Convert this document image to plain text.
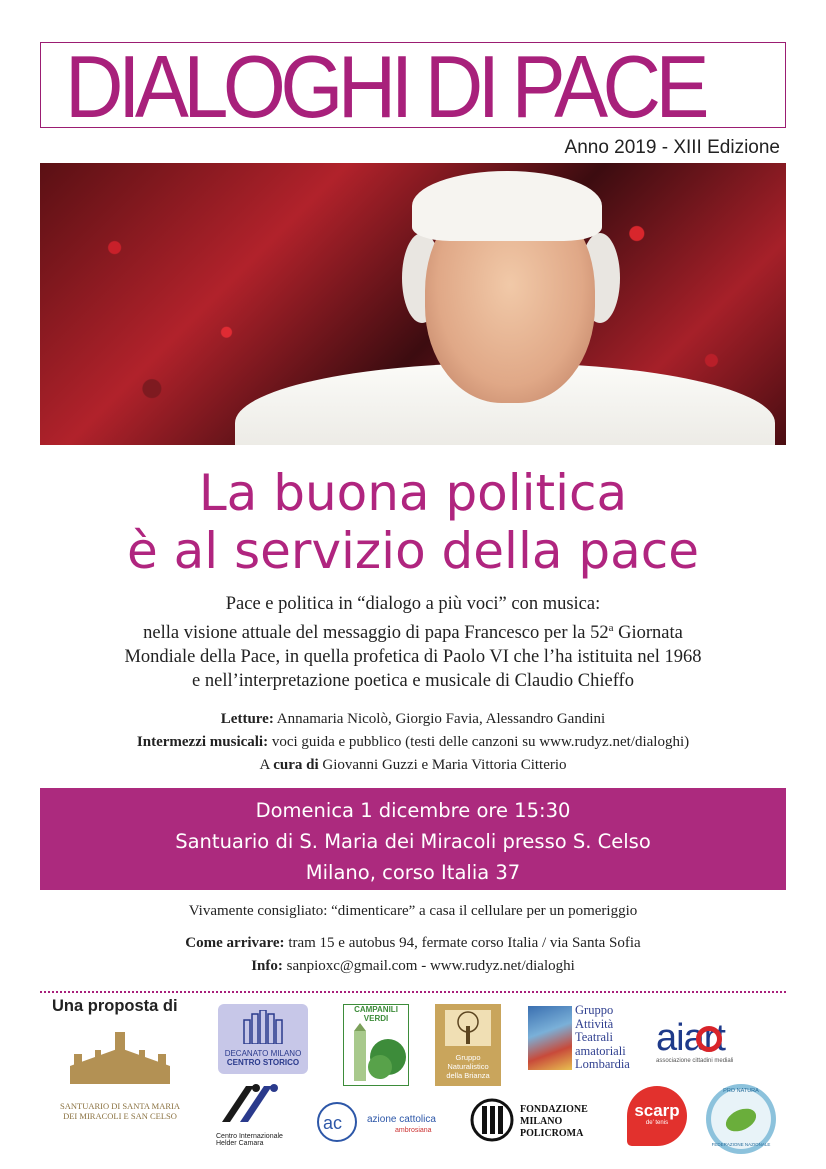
DIALOGHI DI PACE
Anno 2019 - XIII Edizione
La buona politica
è al servizio della pace
Pace e politica in “dialogo a più voci” con musica:
nella visione attuale del messaggio di papa Francesco per la 52$^a$ Giornata
Mondiale della Pace, in quella profetica di Paolo VI che l’ha istituita nel 1968
e nell’interpretazione poetica e musicale di Claudio Chieffo
Letture: Annamaria Nicolò, Giorgio Favia, Alessandro Gandini
Intermezzi musicali: voci guida e pubblico (testi delle canzoni su www.rudyz.net/dialoghi)
A cura di Giovanni Guzzi e Maria Vittoria Citterio
Domenica 1 dicembre ore 15:30
Santuario di S. Maria dei Miracoli presso S. Celso
Milano, corso Italia 37
Vivamente consigliato: “dimenticare” a casa il cellulare per un pomeriggio
Come arrivare: tram 15 e autobus 94, fermate corso Italia / via Santa Sofia
Info: sanpioxc@gmail.com - www.rudyz.net/dialoghi
Una proposta di
SANTUARIO DI SANTA MARIA
DEI MIRACOLI E SAN CELSO
DECANATO MILANO
CENTRO STORICO
CAMPANILI
VERDI
Gruppo
Naturalistico
della Brianza
Gruppo
Attività
Teatrali
amatoriali
Lombardia
aiart
associazione cittadini mediali
Centro Internazionale
Helder Camara
ac azione cattolica
ambrosiana
FONDAZIONE
MILANO
POLICROMA
scarp
de' tenis
PRO NATURA
FEDERAZIONE NAZIONALE
